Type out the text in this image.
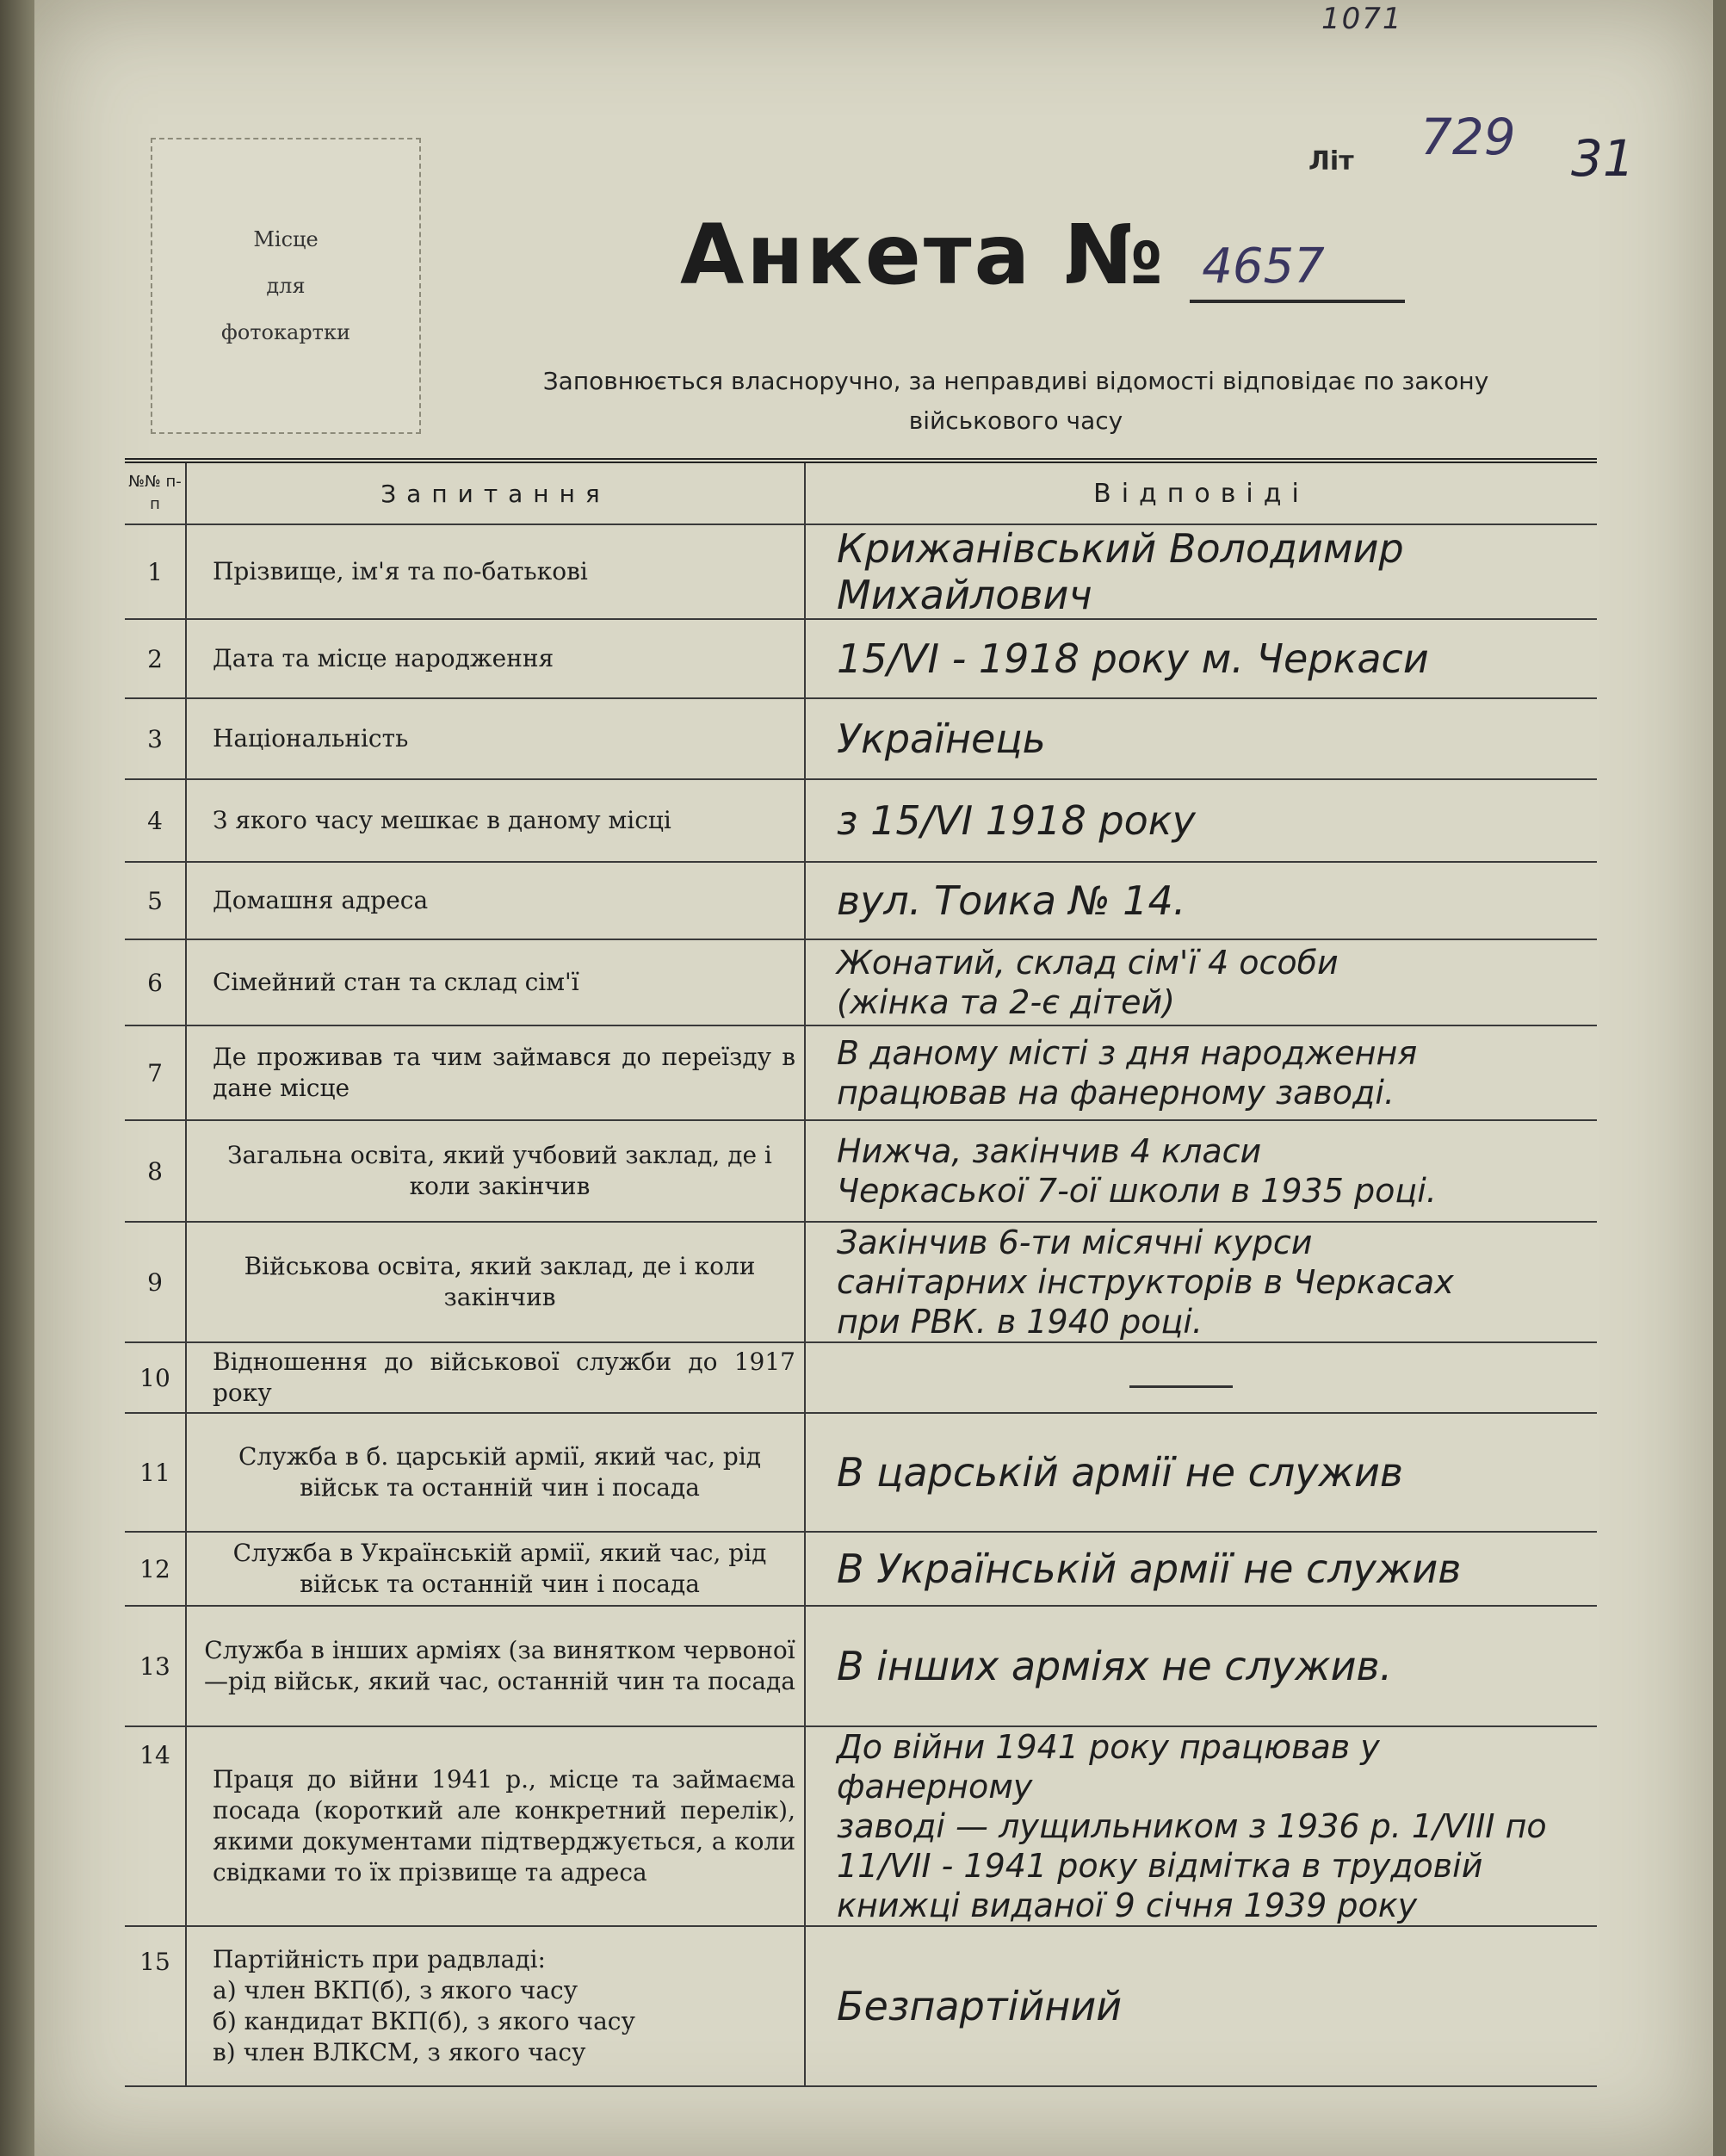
1071
Літ 729 31
Місце
для
фотокартки
Анкета № 4657
Заповнюється власноручно, за неправдиві відомості відповідає по закону
військового часу
№№ п-п	Запитання	Відповіді
1	Прізвище, ім'я та по-батькові	Крижанівський Володимир Михайлович
2	Дата та місце народження	15/VI - 1918 року м. Черкаси
3	Національність	Українець
4	З якого часу мешкає в даному місці	з 15/VI 1918 року
5	Домашня адреса	вул. Тоика № 14.
6	Сімейний стан та склад сім'ї	Жонатий, склад сім'ї 4 особи
(жінка та 2-є дітей)
7	Де проживав та чим займався до переїзду в дане місце	В даному місті з дня народження
працював на фанерному заводі.
8	Загальна освіта, який учбовий заклад, де і коли закінчив	Нижча, закінчив 4 класи
Черкаської 7-ої школи в 1935 році.
9	Військова освіта, який заклад, де і коли закінчив	Закінчив 6-ти місячні курси
санітарних інструкторів в Черкасах
при РВК. в 1940 році.
10	Відношення до військової служби до 1917 року	

11	Служба в б. царській армії, який час, рід військ та останній чин і посада	В царській армії не служив
12	Служба в Українській армії, який час, рід військ та останній чин і посада	В Українській армії не служив
13	Служба в інших арміях (за винятком червоної—рід військ, який час, останній чин та посада	В інших арміях не служив.
14	Праця до війни 1941 р., місце та займаєма посада (короткий але конкретний перелік), якими документами підтверджується, а коли свідками то їх прізвище та адреса	До війни 1941 року працював у фанерному
заводі — лущильником з 1936 р. 1/VIII по
11/VII - 1941 року відмітка в трудовій
книжці виданої 9 січня 1939 року
15	Партійність при радвладі:
а) член ВКП(б), з якого часу
б) кандидат ВКП(б), з якого часу
в) член ВЛКСМ, з якого часу	Безпартійний
